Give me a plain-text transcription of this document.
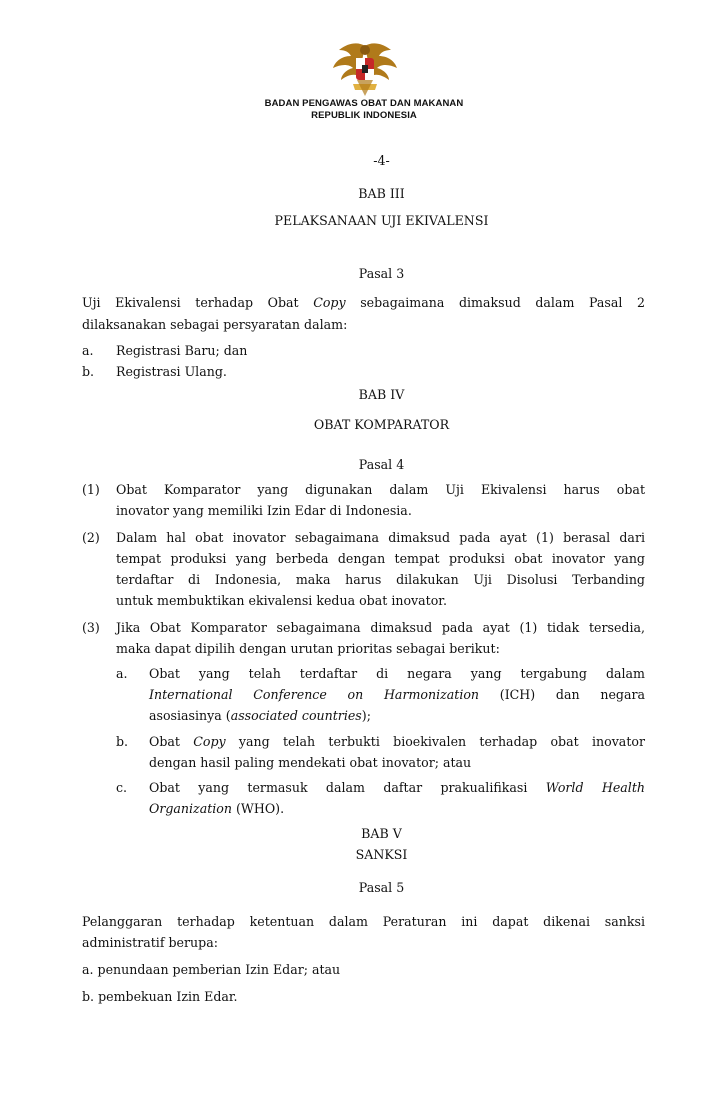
BADAN PENGAWAS OBAT DAN MAKANAN
REPUBLIK INDONESIA
-4-
BAB III
PELAKSANAAN UJI EKIVALENSI
Pasal 3
Uji Ekivalensi terhadap Obat Copy sebagaimana dimaksud dalam Pasal 2
dilaksanakan sebagai persyaratan dalam:
a. Registrasi Baru; dan
b. Registrasi Ulang.
BAB IV
OBAT KOMPARATOR
Pasal 4
(1) Obat Komparator yang digunakan dalam Uji Ekivalensi harus obat
inovator yang memiliki Izin Edar di Indonesia.
(2) Dalam hal obat inovator sebagaimana dimaksud pada ayat (1) berasal dari
tempat produksi yang berbeda dengan tempat produksi obat inovator yang
terdaftar di Indonesia, maka harus dilakukan Uji Disolusi Terbanding
untuk membuktikan ekivalensi kedua obat inovator.
(3) Jika Obat Komparator sebagaimana dimaksud pada ayat (1) tidak tersedia,
maka dapat dipilih dengan urutan prioritas sebagai berikut:
a. Obat yang telah terdaftar di negara yang tergabung dalam
International Conference on Harmonization (ICH) dan negara
asosiasinya (associated countries);
b. Obat Copy yang telah terbukti bioekivalen terhadap obat inovator
dengan hasil paling mendekati obat inovator; atau
c. Obat yang termasuk dalam daftar prakualifikasi World Health
Organization (WHO).
BAB V
SANKSI
Pasal 5
Pelanggaran terhadap ketentuan dalam Peraturan ini dapat dikenai sanksi
administratif berupa:
a. penundaan pemberian Izin Edar; atau
b. pembekuan Izin Edar.
